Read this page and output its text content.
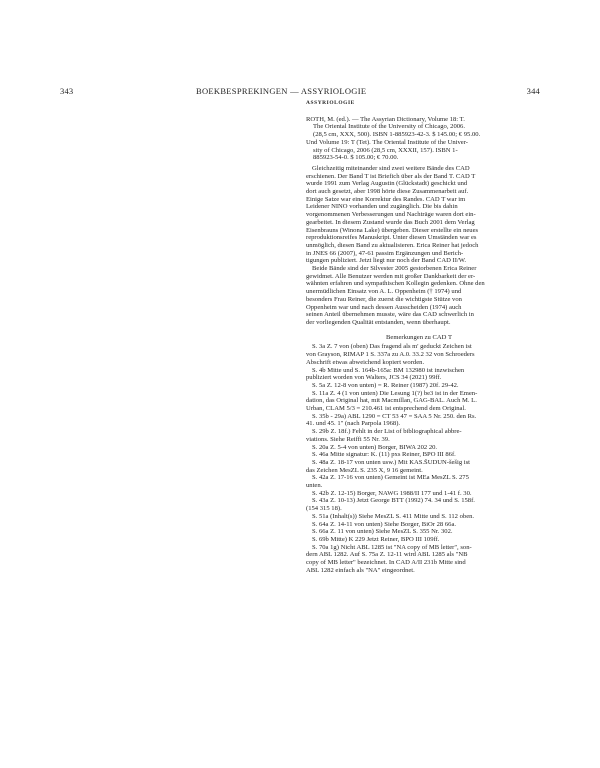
343	BOEKBESPREKINGEN — ASSYRIOLOGIE	344
ASSYRIOLOGIE
ROTH, M. (ed.). — The Assyrian Dictionary, Volume 18: T.
The Oriental Institute of the University of Chicago, 2006.
(28,5 cm, XXX, 500). ISBN 1-885923-42-3. $ 145.00; € 95.00.
Und Volume 19: T (Tet). The Oriental Institute of the Univer-
sity of Chicago, 2006 (28,5 cm, XXXII, 157). ISBN 1-
885923-54-0. $ 105.00; € 70.00.
Gleichzeitig miteinander sind zwei weitere Bände des CAD
erschienen. Der Band T ist Briefich über als der Band T. CAD T
wurde 1991 zum Verlag Augustin (Glückstadt) geschickt und
dort auch gesetzt, aber 1998 hörte diese Zusammenarbeit auf.
Einige Satze war eine Korrektur des Randes. CAD T war im
Leidener NINO vorhanden und zugänglich. Die bis dahin
vorgenommenen Verbesserungen und Nachträge waren dort ein-
gearbeitet. In diesem Zustand wurde das Buch 2001 dem Verlag
Eisenbrauns (Winona Lake) übergeben. Dieser erstellte ein neues
reproduktionsreifes Manuskript. Unter diesen Umständen war es
unmöglich, diesen Band zu aktualisieren. Erica Reiner hat jedoch
in JNES 66 (2007), 47-61 passim Ergänzungen und Berich-
tigungen publiziert. Jetzt liegt nur noch der Band CAD II/W.
Beide Bände sind der Silvester 2005 gestorbenen Erica Reiner
gewidmet. Alle Benutzer werden mit großer Dankbarkeit der er-
wähnten erfahren und sympathischen Kollegin gedenken. Ohne den
unermüdlichen Einsatz von A. L. Oppenheim († 1974) und
besonders Frau Reiner, die zuerst die wichtigste Stütze von
Oppenheim war und nach dessen Ausscheiden (1974) auch
seinen Anteil übernehmen musste, wäre das CAD schwerlich in
der vorliegenden Qualität entstanden, wenn überhaupt.
Bemerkungen zu CAD T
S. 3a Z. 7 von (oben) Das fragend als m' geduckt Zeichen ist
von Grayson, RIMAP 1 S. 337a zu A.0. 33.2 32 von Schroeders
Abschrift etwas abweichend kopiert worden.
S. 4b Mitte und S. 164b-165a: BM 132980 ist inzwischen
publiziert worden von Walters, JCS 34 (2021) 99ff.
S. 5a Z. 12-8 von unten) = R. Reiner (1987) 20f. 29-42.
S. 11a Z. 4 (1 von unten) Die Lesung 1(?) be3 ist in der Emen-
dation, das Original hat, mit Macmillan, GAG-BAL. Auch M. L.
Urban, CLAM 5/3 = 210.461 ist entsprechend dem Original.
S. 35b - 29a) ABL 1290 = CT 53 47 = SAA 5 Nr. 250. den Rs.
41. und 45. 1" (nach Parpola 1968).
S. 29b Z. 18f.) Fehlt in der List of bibliographical abbre-
viations. Siehe Reiffi 55 Nr. 39.
S. 20a Z. 5-4 von unten) Borger, BIWA 202 20.
S. 46a Mitte signatur: K. (11) pxs Reiner, BPO III 86f.
S. 48a Z. 18-17 von unten usw.) Mit KAS.ŠUDUN-šešig ist
das Zeichen MesZL S. 235 X, 9 16 gemeint.
S. 42a Z. 17-16 von unten) Gemeint ist MEa MesZL S. 275
unten.
S. 42b Z. 12-15) Borger, NAWG 1988/II 177 und 1-41 f. 30.
S. 43a Z. 10-13) Jetzt George BTT (1992) 74. 34 und S. 158f.
(154 315 18).
S. 51a (Inhalt(s)) Siehe MesZL S. 411 Mitte und S. 112 oben.
S. 64a Z. 14-11 von unten) Siehe Borger, BiOr 28 66a.
S. 66a Z. 11 von unten) Siehe MesZL S. 355 Nr. 302.
S. 69b Mitte) K 229 Jetzt Reiner, BPO III 109ff.
S. 70a 1g) Nicht ABL 1285 ist "NA copy of MB letter", son-
dern ABL 1282. Auf S. 75a Z. 12-11 wird ABL 1285 als "NB
copy of MB letter" bezeichnet. In CAD A/II 231b Mitte sind
ABL 1282 einfach als "NA" eingeordnet.
